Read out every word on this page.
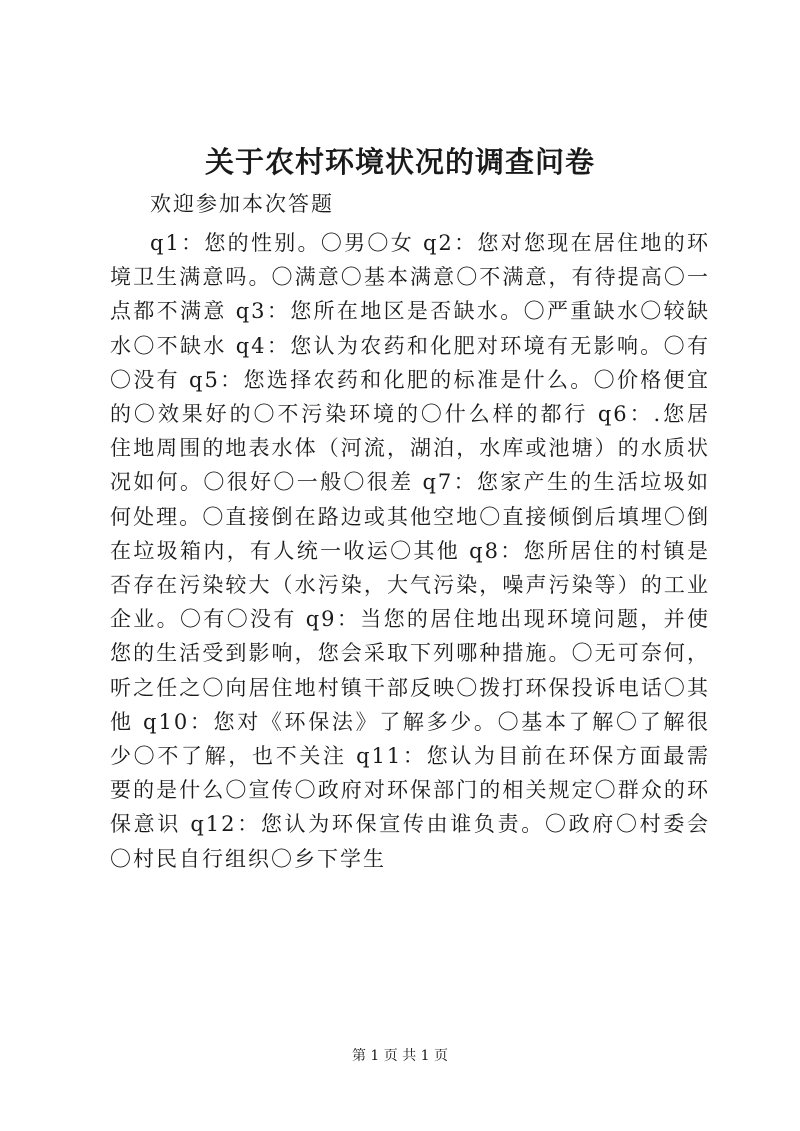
关于农村环境状况的调查问卷

欢迎参加本次答题

q1：您的性别。〇男〇女 q2：您对您现在居住地的环境卫生满意吗。〇满意〇基本满意〇不满意，有待提高〇一点都不满意 q3：您所在地区是否缺水。〇严重缺水〇较缺水〇不缺水 q4：您认为农药和化肥对环境有无影响。〇有〇没有 q5：您选择农药和化肥的标准是什么。〇价格便宜的〇效果好的〇不污染环境的〇什么样的都行 q6：.您居住地周围的地表水体（河流，湖泊，水库或池塘）的水质状况如何。〇很好〇一般〇很差 q7：您家产生的生活垃圾如何处理。〇直接倒在路边或其他空地〇直接倾倒后填埋〇倒在垃圾箱内，有人统一收运〇其他 q8：您所居住的村镇是否存在污染较大（水污染，大气污染，噪声污染等）的工业企业。〇有〇没有 q9：当您的居住地出现环境问题，并使您的生活受到影响，您会采取下列哪种措施。〇无可奈何，听之任之〇向居住地村镇干部反映〇拨打环保投诉电话〇其他 q10：您对《环保法》了解多少。〇基本了解〇了解很少〇不了解，也不关注 q11：您认为目前在环保方面最需要的是什么〇宣传〇政府对环保部门的相关规定〇群众的环保意识 q12：您认为环保宣传由谁负责。〇政府〇村委会〇村民自行组织〇乡下学生

第 1 页 共 1 页
